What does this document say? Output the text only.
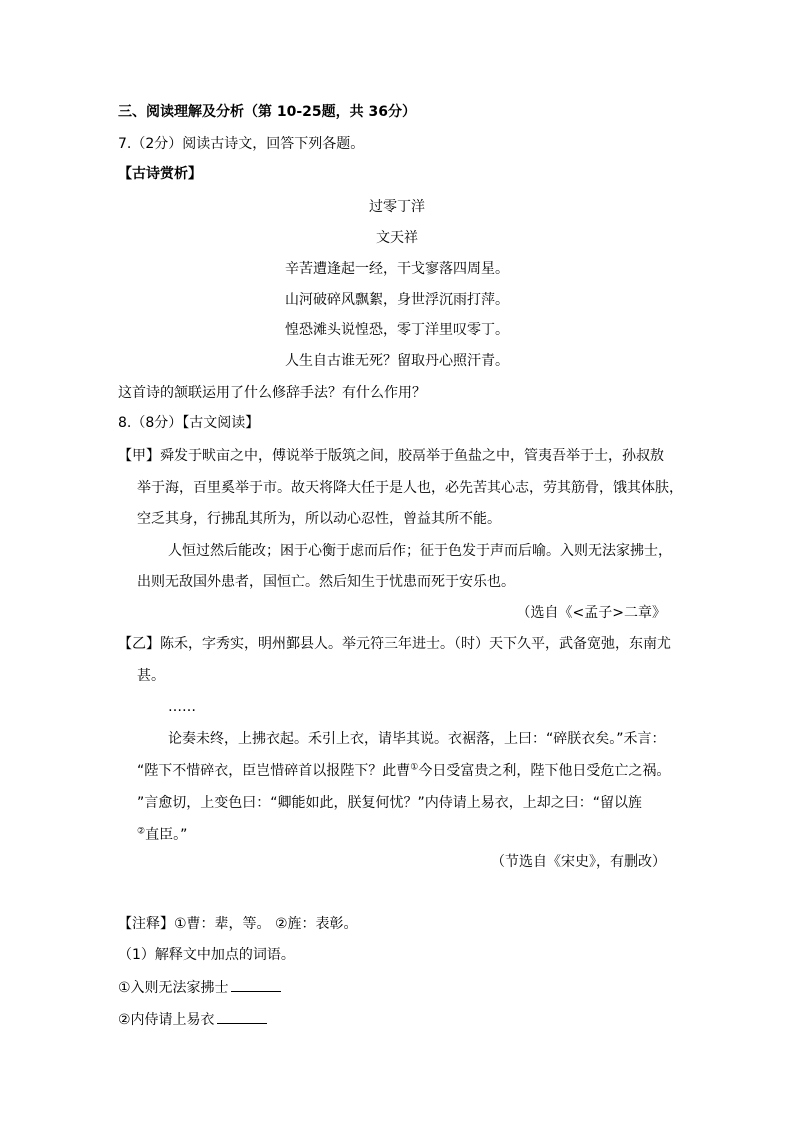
三、阅读理解及分析（第 10-25题，共 36分）
7.（2分）阅读古诗文，回答下列各题。
【古诗赏析】
过零丁洋
文天祥
辛苦遭逢起一经，干戈寥落四周星。
山河破碎风飘絮，身世浮沉雨打萍。
惶恐滩头说惶恐，零丁洋里叹零丁。
人生自古谁无死？留取丹心照汗青。
这首诗的颔联运用了什么修辞手法？有什么作用？
8.（8分）【古文阅读】
【甲】舜发于畎亩之中，傅说举于版筑之间，胶鬲举于鱼盐之中，管夷吾举于士，孙叔敖
举于海，百里奚举于市。故天将降大任于是人也，必先苦其心志，劳其筋骨，饿其体肤，
空乏其身，行拂乱其所为，所以动心忍性，曾益其所不能。
人恒过然后能改；困于心衡于虑而后作；征于色发于声而后喻。入则无法家拂士，
出则无敌国外患者，国恒亡。然后知生于忧患而死于安乐也。
（选自《<孟子>二章》
【乙】陈禾，字秀实，明州鄞县人。举元符三年进士。（时）天下久平，武备宽弛，东南尤
甚。
……
论奏未终，上拂衣起。禾引上衣，请毕其说。衣裾落，上曰：“碎朕衣矣。”禾言：
“陛下不惜碎衣，臣岂惜碎首以报陛下？此曹①今日受富贵之利，陛下他日受危亡之祸。
”言愈切，上变色曰：“卿能如此，朕复何忧？”内侍请上易衣，上却之曰：“留以旌
②直臣。”
（节选自《宋史》，有删改）
【注释】①曹：辈，等。 ②旌：表彰。
（1）解释文中加点的词语。
①入则无法家拂士
②内侍请上易衣
